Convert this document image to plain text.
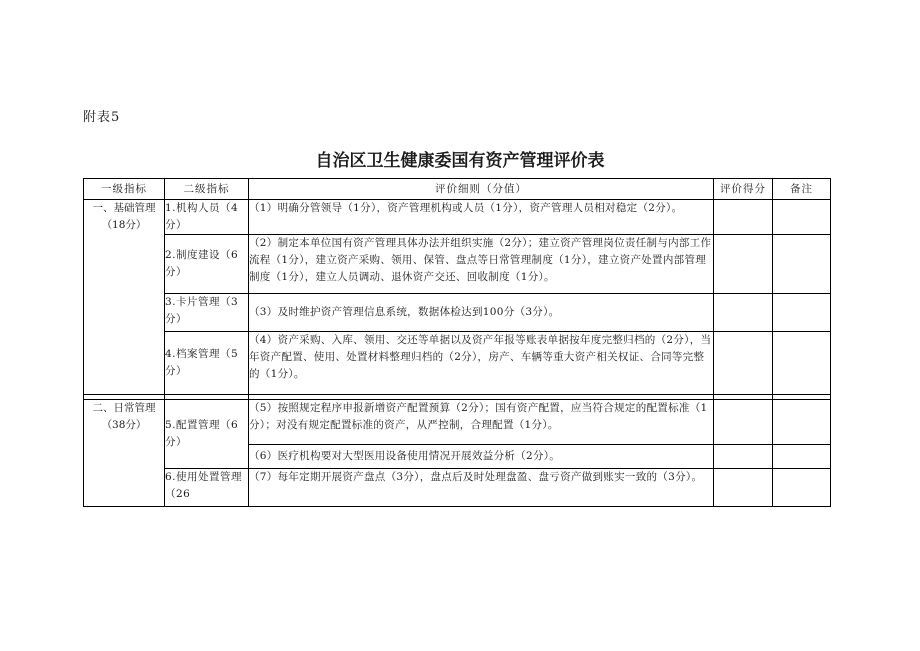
附表5
自治区卫生健康委国有资产管理评价表
一级指标	二级指标	评价细则（分值）	评价得分	备注
一、基础管理
（18分）	1.机构人员（4分）	（1）明确分管领导（1分），资产管理机构或人员（1分），资产管理人员相对稳定（2分）。		
	2.制度建设（6分）	（2）制定本单位国有资产管理具体办法并组织实施（2分）；建立资产管理岗位责任制与内部工作流程（1分），建立资产采购、领用、保管、盘点等日常管理制度（1分），建立资产处置内部管理制度（1分），建立人员调动、退休资产交还、回收制度（1分）。		

	3.卡片管理（3分）	（3）及时维护资产管理信息系统，数据体检达到100分（3分）。		
	4.档案管理（5分）	（4）资产采购、入库、领用、交还等单据以及资产年报等账表单据按年度完整归档的（2分），当年资产配置、使用、处置材料整理归档的（2分），房产、车辆等重大资产相关权证、合同等完整的（1分）。		

二、日常管理
（38分）	5.配置管理（6分）	（5）按照规定程序申报新增资产配置预算（2分）；国有资产配置，应当符合规定的配置标准（1分）；对没有规定配置标准的资产，从严控制，合理配置（1分）。		
		（6）医疗机构要对大型医用设备使用情况开展效益分析（2分）。		

	6.使用处置管理（26	（7）每年定期开展资产盘点（3分），盘点后及时处理盘盈、盘亏资产做到账实一致的（3分）。		
